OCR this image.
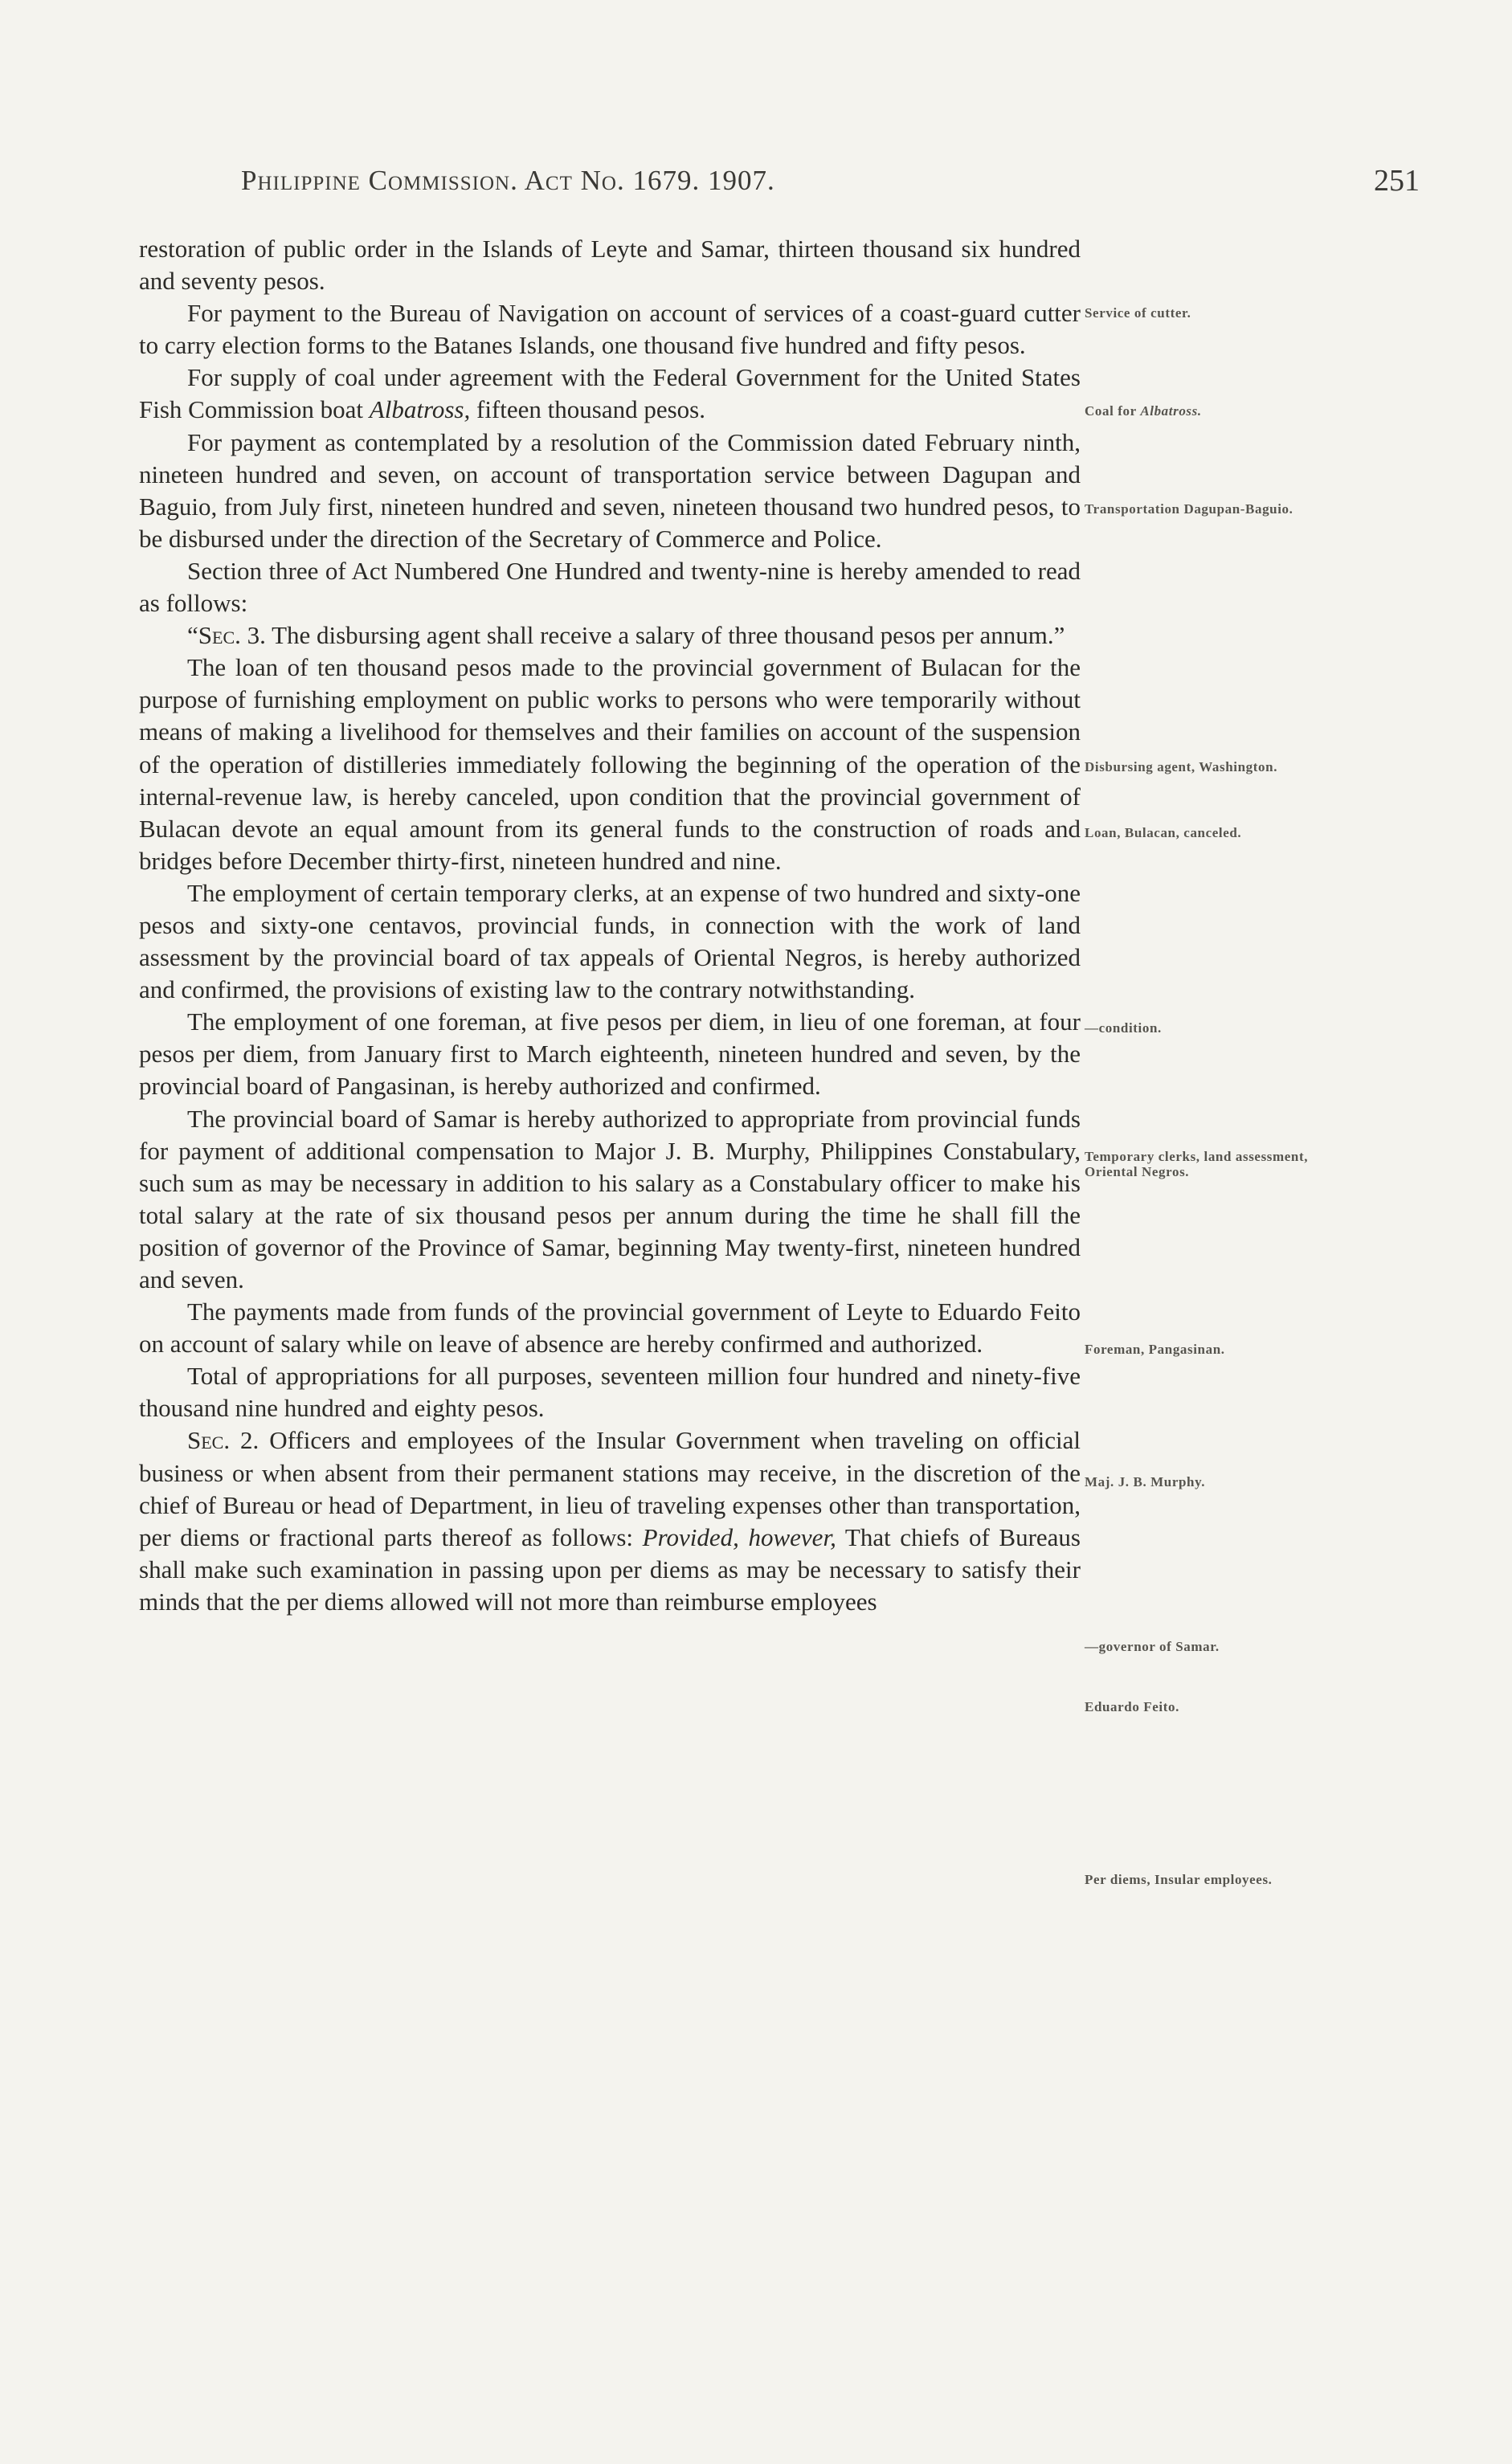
Philippine Commission. Act No. 1679. 1907.	251

restoration of public order in the Islands of Leyte and Samar, thirteen thousand six hundred and seventy pesos.

For payment to the Bureau of Navigation on account of services of a coast-guard cutter to carry election forms to the Batanes Islands, one thousand five hundred and fifty pesos.

For supply of coal under agreement with the Federal Government for the United States Fish Commission boat Albatross, fifteen thousand pesos.

For payment as contemplated by a resolution of the Commission dated February ninth, nineteen hundred and seven, on account of transportation service between Dagupan and Baguio, from July first, nineteen hundred and seven, nineteen thousand two hundred pesos, to be disbursed under the direction of the Secretary of Commerce and Police.

Section three of Act Numbered One Hundred and twenty-nine is hereby amended to read as follows:

“Sec. 3. The disbursing agent shall receive a salary of three thousand pesos per annum.”

The loan of ten thousand pesos made to the provincial government of Bulacan for the purpose of furnishing employment on public works to persons who were temporarily without means of making a livelihood for themselves and their families on account of the suspension of the operation of distilleries immediately following the beginning of the operation of the internal-revenue law, is hereby canceled, upon condition that the provincial government of Bulacan devote an equal amount from its general funds to the construction of roads and bridges before December thirty-first, nineteen hundred and nine.

The employment of certain temporary clerks, at an expense of two hundred and sixty-one pesos and sixty-one centavos, provincial funds, in connection with the work of land assessment by the provincial board of tax appeals of Oriental Negros, is hereby authorized and confirmed, the provisions of existing law to the contrary notwithstanding.

The employment of one foreman, at five pesos per diem, in lieu of one foreman, at four pesos per diem, from January first to March eighteenth, nineteen hundred and seven, by the provincial board of Pangasinan, is hereby authorized and confirmed.

The provincial board of Samar is hereby authorized to appropriate from provincial funds for payment of additional compensation to Major J. B. Murphy, Philippines Constabulary, such sum as may be necessary in addition to his salary as a Constabulary officer to make his total salary at the rate of six thousand pesos per annum during the time he shall fill the position of governor of the Province of Samar, beginning May twenty-first, nineteen hundred and seven.

The payments made from funds of the provincial government of Leyte to Eduardo Feito on account of salary while on leave of absence are hereby confirmed and authorized.

Total of appropriations for all purposes, seventeen million four hundred and ninety-five thousand nine hundred and eighty pesos.

Sec. 2. Officers and employees of the Insular Government when traveling on official business or when absent from their permanent stations may receive, in the discretion of the chief of Bureau or head of Department, in lieu of traveling expenses other than transportation, per diems or fractional parts thereof as follows: Provided, however, That chiefs of Bureaus shall make such examination in passing upon per diems as may be necessary to satisfy their minds that the per diems allowed will not more than reimburse employees

Service of cutter.
Coal for Albatross.
Transportation Dagupan-Baguio.
Disbursing agent, Washington.
Loan, Bulacan, canceled.
—condition.
Temporary clerks, land assessment, Oriental Negros.
Foreman, Pangasinan.
Maj. J. B. Murphy.
—governor of Samar.
Eduardo Feito.
Per diems, Insular employees.
